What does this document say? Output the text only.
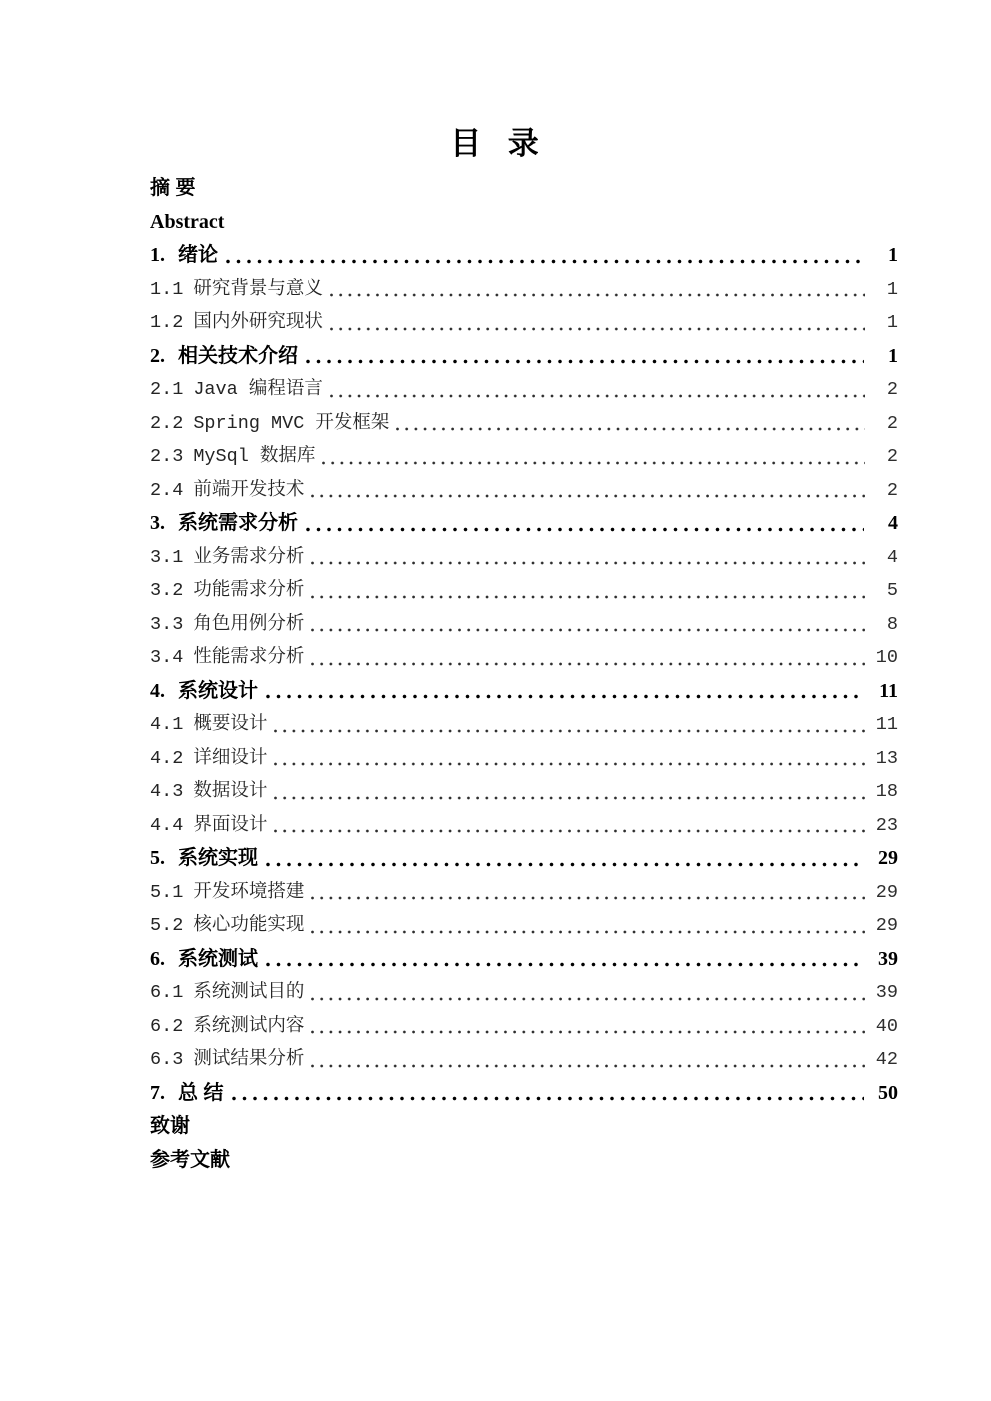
目 录
摘 要
Abstract
1. 绪论	1
1.1 研究背景与意义	1
1.2 国内外研究现状	1
2. 相关技术介绍	1
2.1 Java 编程语言	2
2.2 Spring MVC 开发框架	2
2.3 MySql 数据库	2
2.4 前端开发技术	2
3. 系统需求分析	4
3.1 业务需求分析	4
3.2 功能需求分析	5
3.3 角色用例分析	8
3.4 性能需求分析	10
4. 系统设计	11
4.1 概要设计	11
4.2 详细设计	13
4.3 数据设计	18
4.4 界面设计	23
5. 系统实现	29
5.1 开发环境搭建	29
5.2 核心功能实现	29
6. 系统测试	39
6.1 系统测试目的	39
6.2 系统测试内容	40
6.3 测试结果分析	42
7. 总 结	50
致谢
参考文献
